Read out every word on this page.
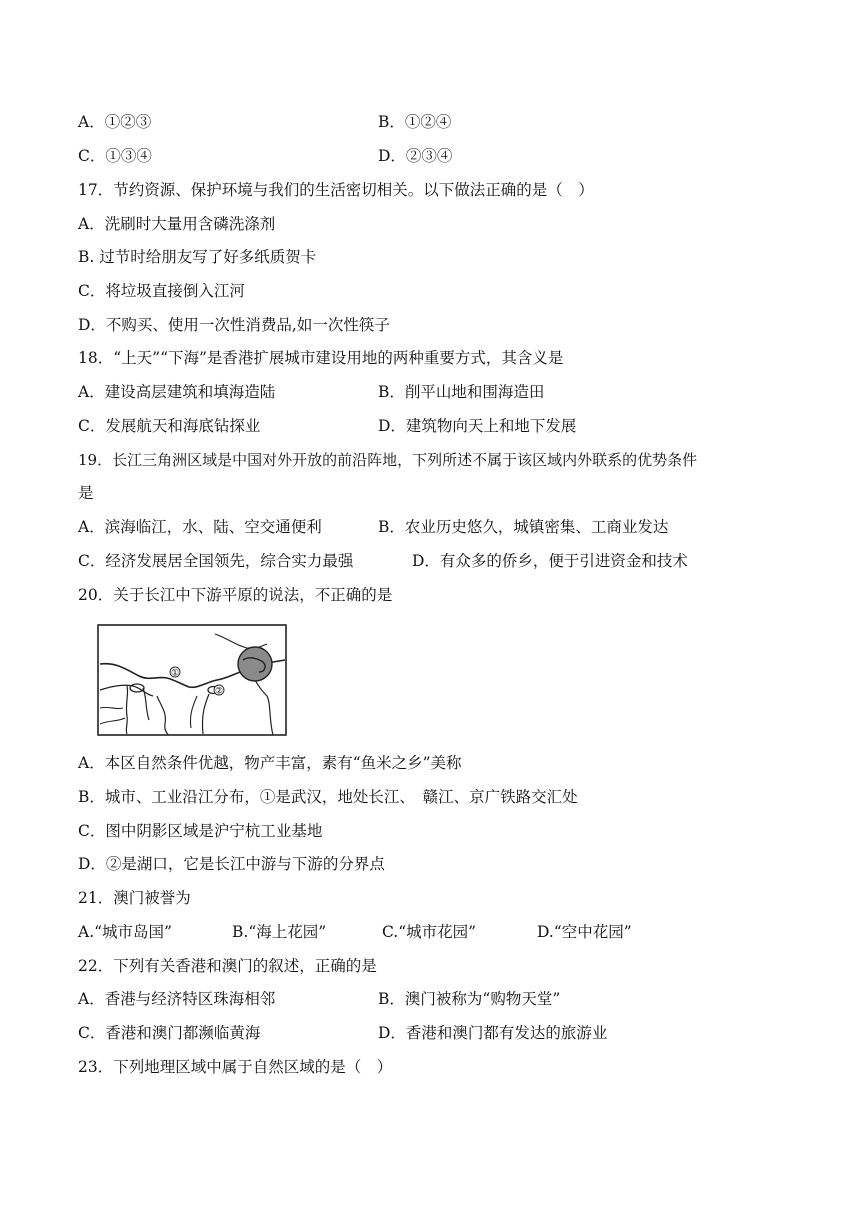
A．①②③	B．①②④
C．①③④	D．②③④
17．节约资源、保护环境与我们的生活密切相关。以下做法正确的是（　）
A．洗刷时大量用含磷洗涤剂
B. 过节时给朋友写了好多纸质贺卡
C．将垃圾直接倒入江河
D．不购买、使用一次性消费品,如一次性筷子
18．“上天”“下海”是香港扩展城市建设用地的两种重要方式，其含义是
A．建设高层建筑和填海造陆	B．削平山地和围海造田
C．发展航天和海底钻探业	D．建筑物向天上和地下发展
19．长江三角洲区域是中国对外开放的前沿阵地，下列所述不属于该区域内外联系的优势条件
是
A．滨海临江，水、陆、空交通便利	B．农业历史悠久，城镇密集、工商业发达
C．经济发展居全国领先，综合实力最强	D．有众多的侨乡，便于引进资金和技术
20．关于长江中下游平原的说法，不正确的是
①
②
A．本区自然条件优越，物产丰富，素有“鱼米之乡”美称
B．城市、工业沿江分布，①是武汉，地处长江、　赣江、京广铁路交汇处
C．图中阴影区域是沪宁杭工业基地
D．②是湖口，它是长江中游与下游的分界点
21．澳门被誉为
A.“城市岛国”	B.“海上花园”	C.“城市花园”	D.“空中花园”
22．下列有关香港和澳门的叙述，正确的是
A．香港与经济特区珠海相邻	B．澳门被称为“购物天堂”
C．香港和澳门都濒临黄海	D．香港和澳门都有发达的旅游业
23．下列地理区域中属于自然区域的是（　）
